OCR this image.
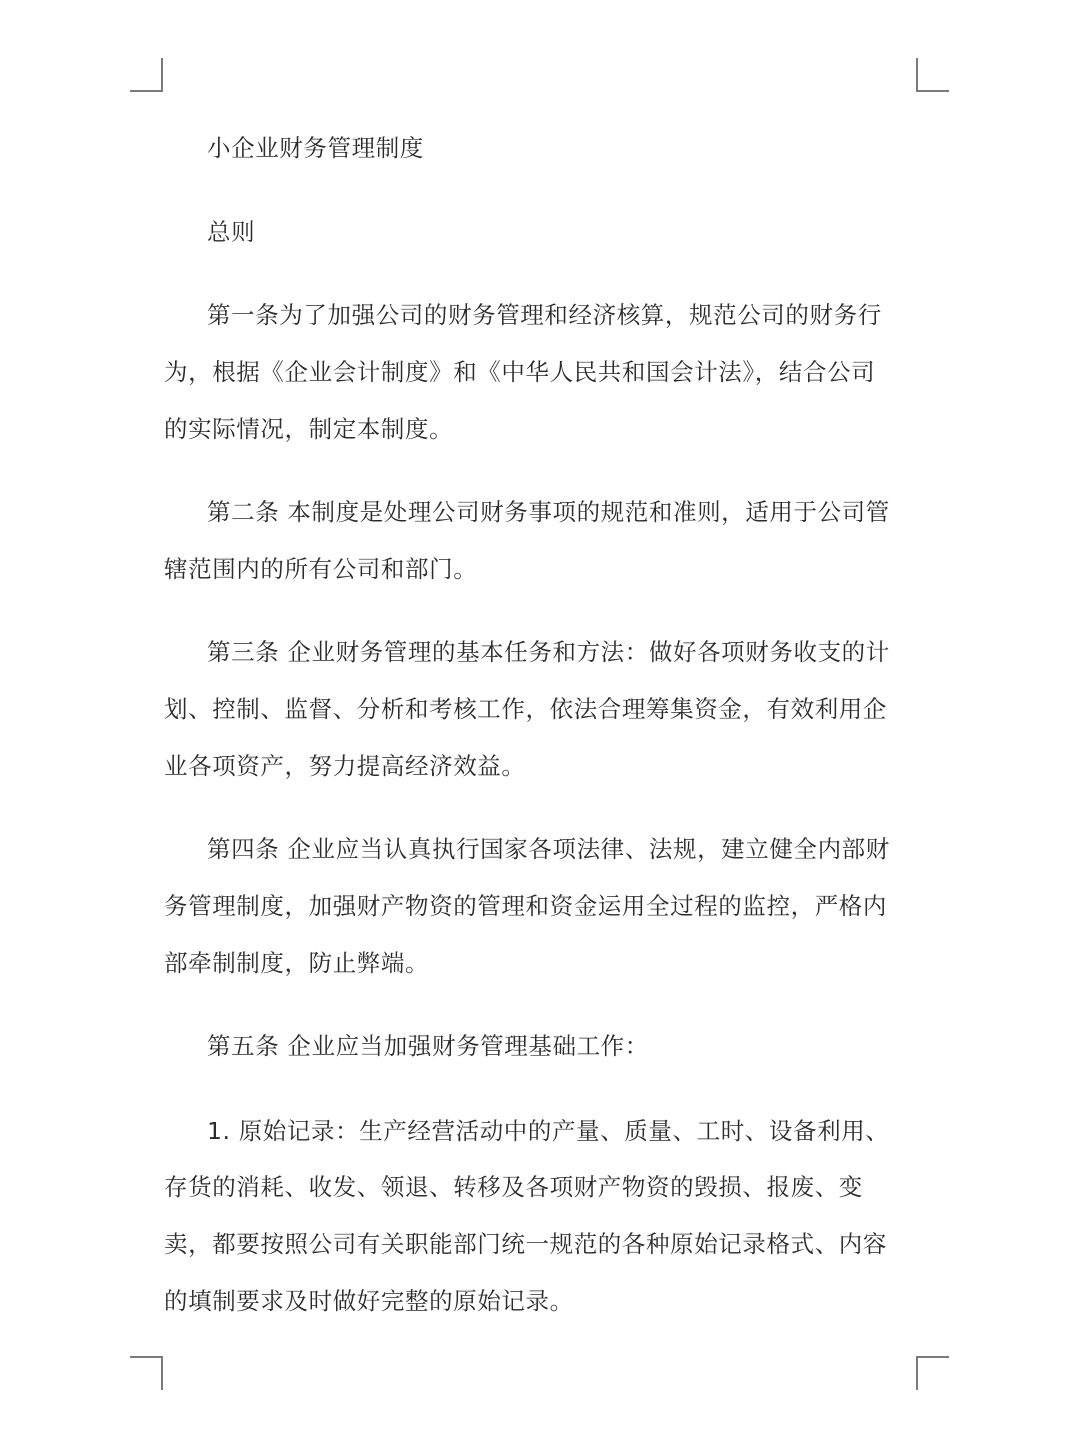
小企业财务管理制度
总则
第一条为了加强公司的财务管理和经济核算，规范公司的财务行
为，根据《企业会计制度》和《中华人民共和国会计法》，结合公司
的实际情况，制定本制度。
第二条 本制度是处理公司财务事项的规范和准则，适用于公司管
辖范围内的所有公司和部门。
第三条 企业财务管理的基本任务和方法：做好各项财务收支的计
划、控制、监督、分析和考核工作，依法合理筹集资金，有效利用企
业各项资产，努力提高经济效益。
第四条 企业应当认真执行国家各项法律、法规，建立健全内部财
务管理制度，加强财产物资的管理和资金运用全过程的监控，严格内
部牵制制度，防止弊端。
第五条 企业应当加强财务管理基础工作：
1. 原始记录：生产经营活动中的产量、质量、工时、设备利用、
存货的消耗、收发、领退、转移及各项财产物资的毁损、报废、变
卖，都要按照公司有关职能部门统一规范的各种原始记录格式、内容
的填制要求及时做好完整的原始记录。
